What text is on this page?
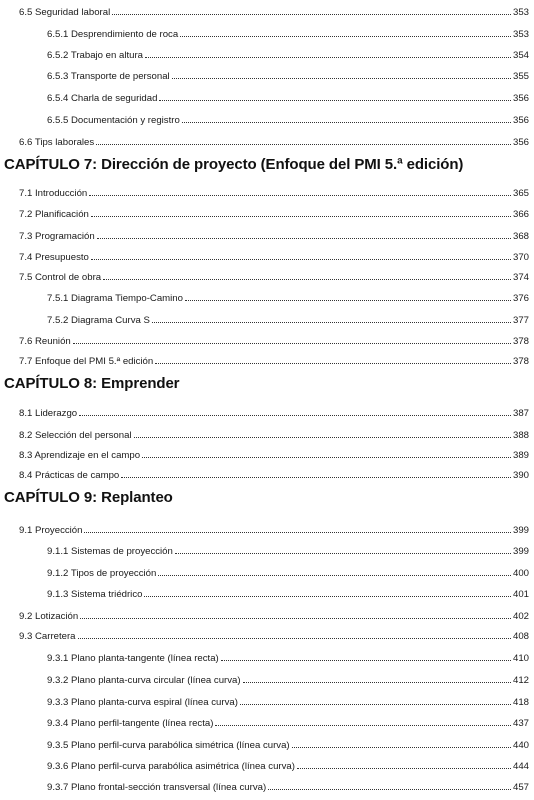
6.5 Seguridad laboral	353
6.5.1 Desprendimiento de roca	353
6.5.2 Trabajo en altura	354
6.5.3 Transporte de personal	355
6.5.4 Charla de seguridad	356
6.5.5 Documentación y registro	356
6.6 Tips laborales	356
CAPÍTULO 7: Dirección de proyecto (Enfoque del PMI 5.ª edición)
7.1 Introducción	365
7.2 Planificación	366
7.3 Programación	368
7.4 Presupuesto	370
7.5 Control de obra	374
7.5.1 Diagrama Tiempo-Camino	376
7.5.2 Diagrama Curva S	377
7.6 Reunión	378
7.7 Enfoque del PMI 5.ª edición	378
CAPÍTULO 8: Emprender
8.1 Liderazgo	387
8.2 Selección del personal	388
8.3 Aprendizaje en el campo	389
8.4 Prácticas de campo	390
CAPÍTULO 9: Replanteo
9.1 Proyección	399
9.1.1 Sistemas de proyección	399
9.1.2 Tipos de proyección	400
9.1.3 Sistema triédrico	401
9.2 Lotización	402
9.3 Carretera	408
9.3.1 Plano planta-tangente (línea recta)	410
9.3.2 Plano planta-curva circular (línea curva)	412
9.3.3 Plano planta-curva espiral (línea curva)	418
9.3.4 Plano perfil-tangente (línea recta)	437
9.3.5 Plano perfil-curva parabólica simétrica (línea curva)	440
9.3.6 Plano perfil-curva parabólica asimétrica (línea curva)	444
9.3.7 Plano frontal-sección transversal (línea curva)	457
